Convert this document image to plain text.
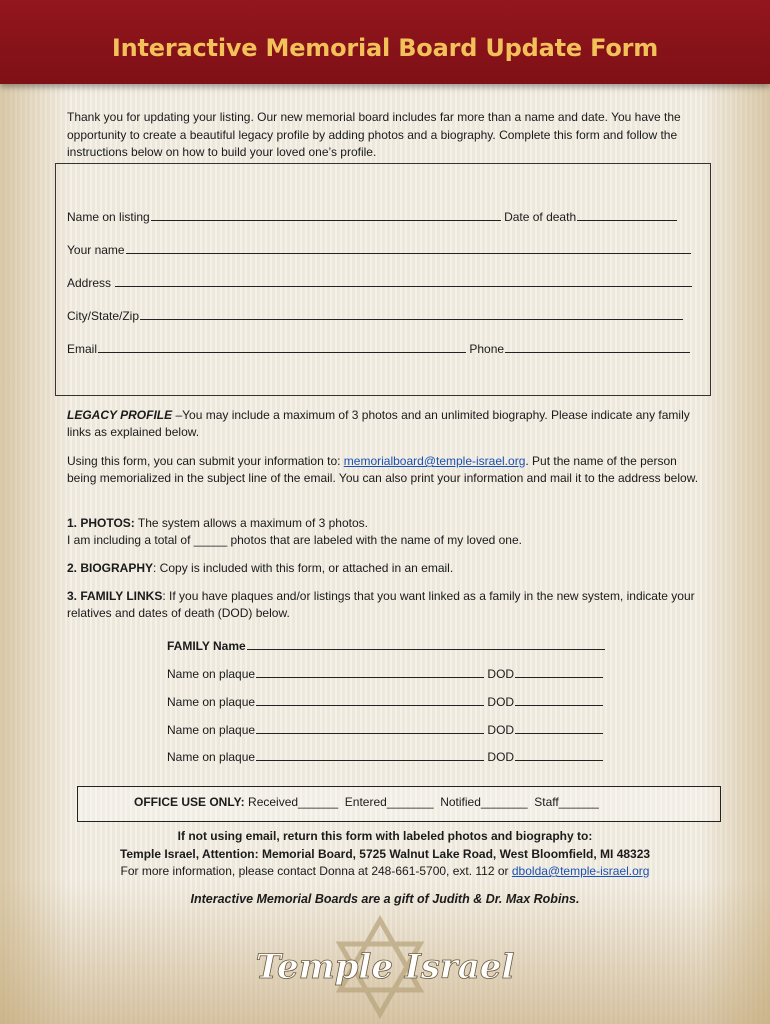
Interactive Memorial Board Update Form
Thank you for updating your listing. Our new memorial board includes far more than a name and date. You have the opportunity to create a beautiful legacy profile by adding photos and a biography. Complete this form and follow the instructions below on how to build your loved one’s profile.
Name on listing	Date of death
Your name
Address
City/State/Zip
Email	Phone
LEGACY PROFILE –You may include a maximum of 3 photos and an unlimited biography. Please indicate any family links as explained below.
Using this form, you can submit your information to: memorialboard@temple-israel.org. Put the name of the person being memorialized in the subject line of the email. You can also print your information and mail it to the address below.
1. PHOTOS: The system allows a maximum of 3 photos.
I am including a total of _____ photos that are labeled with the name of my loved one.
2. BIOGRAPHY: Copy is included with this form, or attached in an email.
3. FAMILY LINKS: If you have plaques and/or listings that you want linked as a family in the new system, indicate your relatives and dates of death (DOD) below.
FAMILY Name
Name on plaque	DOD
Name on plaque	DOD
Name on plaque	DOD
Name on plaque	DOD
OFFICE USE ONLY: Received______ Entered_______ Notified_______ Staff______
If not using email, return this form with labeled photos and biography to:
Temple Israel, Attention: Memorial Board, 5725 Walnut Lake Road, West Bloomfield, MI 48323
For more information, please contact Donna at 248-661-5700, ext. 112 or dbolda@temple-israel.org
Interactive Memorial Boards are a gift of Judith & Dr. Max Robins.
Temple Israel
